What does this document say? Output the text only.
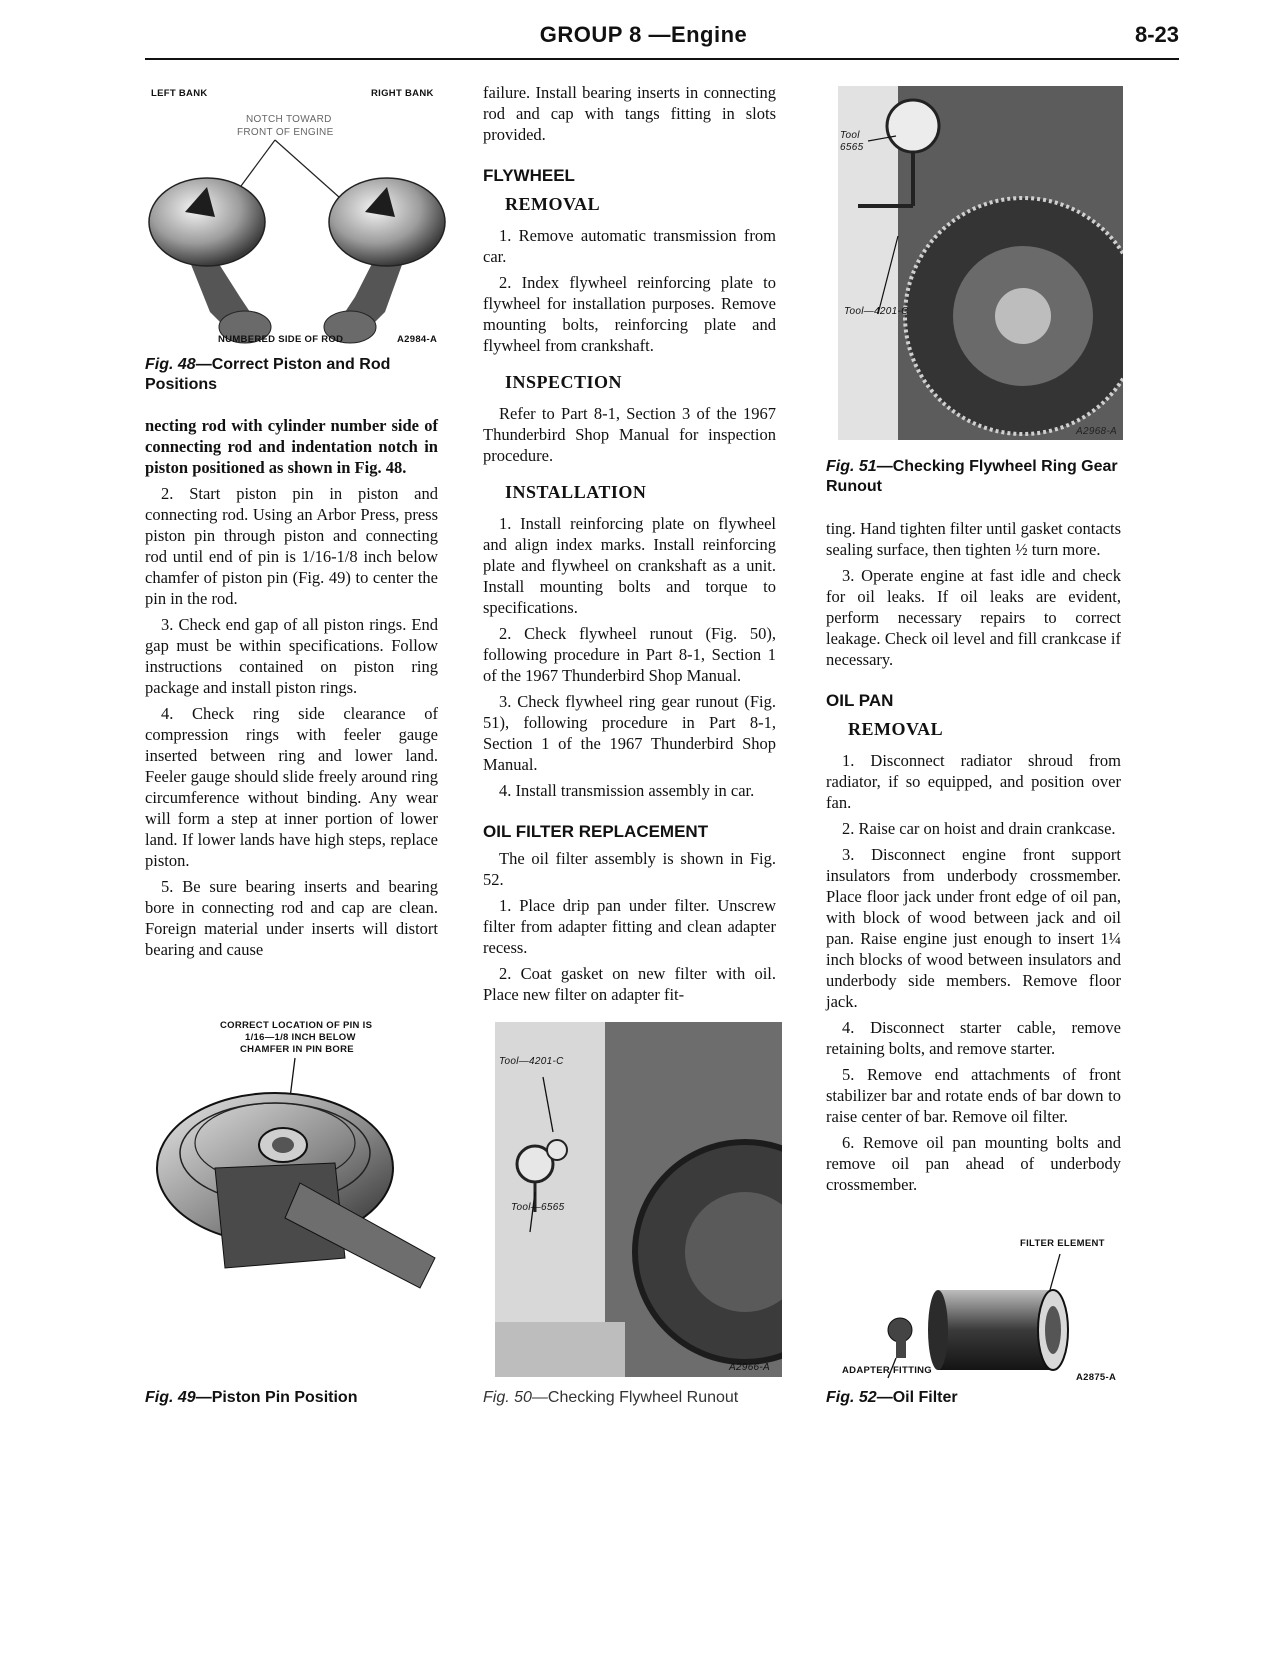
GROUP 8 —Engine	8-23
LEFT BANK	RIGHT BANK
NOTCH TOWARD
FRONT OF ENGINE
NUMBERED SIDE OF ROD	A2984-A
Fig. 48—Correct Piston and Rod Positions

necting rod with cylinder number side of connecting rod and indentation notch in piston positioned as shown in Fig. 48.

2. Start piston pin in piston and connecting rod. Using an Arbor Press, press piston pin through piston and connecting rod until end of pin is 1/16-1/8 inch below chamfer of piston pin (Fig. 49) to center the pin in the rod.

3. Check end gap of all piston rings. End gap must be within specifications. Follow instructions contained on piston ring package and install piston rings.

4. Check ring side clearance of compression rings with feeler gauge inserted between ring and lower land. Feeler gauge should slide freely around ring circumference without binding. Any wear will form a step at inner portion of lower land. If lower lands have high steps, replace piston.

5. Be sure bearing inserts and bearing bore in connecting rod and cap are clean. Foreign material under inserts will distort bearing and cause

CORRECT LOCATION OF PIN IS
1/16—1/8 INCH BELOW
CHAMFER IN PIN BORE
Fig. 49—Piston Pin Position

failure. Install bearing inserts in connecting rod and cap with tangs fitting in slots provided.

FLYWHEEL
REMOVAL

1. Remove automatic transmission from car.

2. Index flywheel reinforcing plate to flywheel for installation purposes. Remove mounting bolts, reinforcing plate and flywheel from crankshaft.

INSPECTION

Refer to Part 8-1, Section 3 of the 1967 Thunderbird Shop Manual for inspection procedure.

INSTALLATION

1. Install reinforcing plate on flywheel and align index marks. Install reinforcing plate and flywheel on crankshaft as a unit. Install mounting bolts and torque to specifications.

2. Check flywheel runout (Fig. 50), following procedure in Part 8-1, Section 1 of the 1967 Thunderbird Shop Manual.

3. Check flywheel ring gear runout (Fig. 51), following procedure in Part 8-1, Section 1 of the 1967 Thunderbird Shop Manual.

4. Install transmission assembly in car.

OIL FILTER REPLACEMENT

The oil filter assembly is shown in Fig. 52.

1. Place drip pan under filter. Unscrew filter from adapter fitting and clean adapter recess.

2. Coat gasket on new filter with oil. Place new filter on adapter fit-

Tool—4201-C
Tool—6565
A2966-A
Fig. 50—Checking Flywheel Runout
Tool
6565
Tool—4201-C
A2968-A
Fig. 51—Checking Flywheel Ring Gear Runout

ting. Hand tighten filter until gasket contacts sealing surface, then tighten ½ turn more.

3. Operate engine at fast idle and check for oil leaks. If oil leaks are evident, perform necessary repairs to correct leakage. Check oil level and fill crankcase if necessary.

OIL PAN
REMOVAL

1. Disconnect radiator shroud from radiator, if so equipped, and position over fan.

2. Raise car on hoist and drain crankcase.

3. Disconnect engine front support insulators from underbody crossmember. Place floor jack under front edge of oil pan, with block of wood between jack and oil pan. Raise engine just enough to insert 1¼ inch blocks of wood between insulators and underbody side members. Remove floor jack.

4. Disconnect starter cable, remove retaining bolts, and remove starter.

5. Remove end attachments of front stabilizer bar and rotate ends of bar down to raise center of bar. Remove oil filter.

6. Remove oil pan mounting bolts and remove oil pan ahead of underbody crossmember.

FILTER ELEMENT
ADAPTER FITTING
A2875-A
Fig. 52—Oil Filter
